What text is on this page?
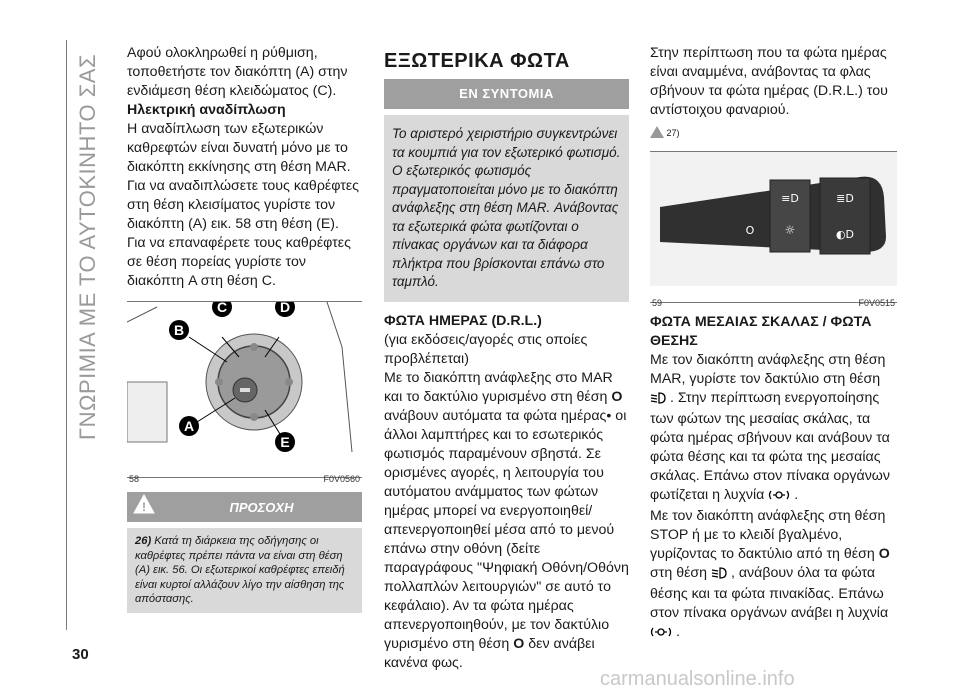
ΓΝΩΡΙΜΙΑ ΜΕ ΤΟ ΑΥΤΟΚΙΝΗΤΟ ΣΑΣ
30
carmanualsonline.info

Αφού ολοκληρωθεί η ρύθμιση, τοποθετήστε τον διακόπτη (A) στην ενδιάμεση θέση κλειδώματος (C).

Ηλεκτρική αναδίπλωση

Η αναδίπλωση των εξωτερικών καθρεφτών είναι δυνατή μόνο με το διακόπτη εκκίνησης στη θέση MAR.

Για να αναδιπλώσετε τους καθρέφτες στη θέση κλεισίματος γυρίστε τον διακόπτη (A) εικ. 58 στη θέση (E).

Για να επαναφέρετε τους καθρέφτες σε θέση πορείας γυρίστε τον διακόπτη A στη θέση C.

B
C	D
A
E
58	F0V0560
!	ΠΡΟΣΟΧΗ
26) Κατά τη διάρκεια της οδήγησης οι καθρέφτες πρέπει πάντα να είναι στη θέση (A) εικ. 56. Οι εξωτερικοί καθρέφτες επειδή είναι κυρτοί αλλάζουν λίγο την αίσθηση της απόστασης.
ΕΞΩΤΕΡΙΚΑ ΦΩΤΑ
ΕΝ ΣΥΝΤΟΜΙΑ
Το αριστερό χειριστήριο συγκεντρώνει τα κουμπιά για τον εξωτερικό φωτισμό. Ο εξωτερικός φωτισμός πραγματοποιείται μόνο με το διακόπτη ανάφλεξης στη θέση MAR. Ανάβοντας τα εξωτερικά φώτα φωτίζονται ο πίνακας οργάνων και τα διάφορα πλήκτρα που βρίσκονται επάνω στο ταμπλό.

ΦΩΤΑ ΗΜΕΡΑΣ (D.R.L.)

(για εκδόσεις/αγορές στις οποίες προβλέπεται)

Με το διακόπτη ανάφλεξης στο MAR και το δακτύλιο γυρισμένο στη θέση O ανάβουν αυτόματα τα φώτα ημέρας• οι άλλοι λαμπτήρες και το εσωτερικός φωτισμός παραμένουν σβηστά. Σε ορισμένες αγορές, η λειτουργία του αυτόματου ανάμματος των φώτων ημέρας μπορεί να ενεργοποιηθεί/απενεργοποιηθεί μέσα από το μενού επάνω στην οθόνη (δείτε παραγράφους "Ψηφιακή Οθόνη/Οθόνη πολλαπλών λειτουργιών" σε αυτό το κεφάλαιο). Αν τα φώτα ημέρας απενεργοποιηθούν, με τον δακτύλιο γυρισμένο στη θέση O δεν ανάβει κανένα φως.

Στην περίπτωση που τα φώτα ημέρας είναι αναμμένα, ανάβοντας τα φλας σβήνουν τα φώτα ημέρας (D.R.L.) του αντίστοιχου φαναριού.

27)

≡D
☼
≣D
◐D
O
59	F0V0515

ΦΩΤΑ ΜΕΣΑΙΑΣ ΣΚΑΛΑΣ / ΦΩΤΑ ΘΕΣΗΣ

Με τον διακόπτη ανάφλεξης στη θέση MAR, γυρίστε τον δακτύλιο στη θέση  . Στην περίπτωση ενεργοποίησης των φώτων της μεσαίας σκάλας, τα φώτα ημέρας σβήνουν και ανάβουν τα φώτα θέσης και τα φώτα της μεσαίας σκάλας. Επάνω στον πίνακα οργάνων φωτίζεται η λυχνία .

Με τον διακόπτη ανάφλεξης στη θέση STOP ή με το κλειδί βγαλμένο, γυρίζοντας το δακτύλιο από τη θέση O στη θέση , ανάβουν όλα τα φώτα θέσης και τα φώτα πινακίδας. Επάνω στον πίνακα οργάνων ανάβει η λυχνία  .
